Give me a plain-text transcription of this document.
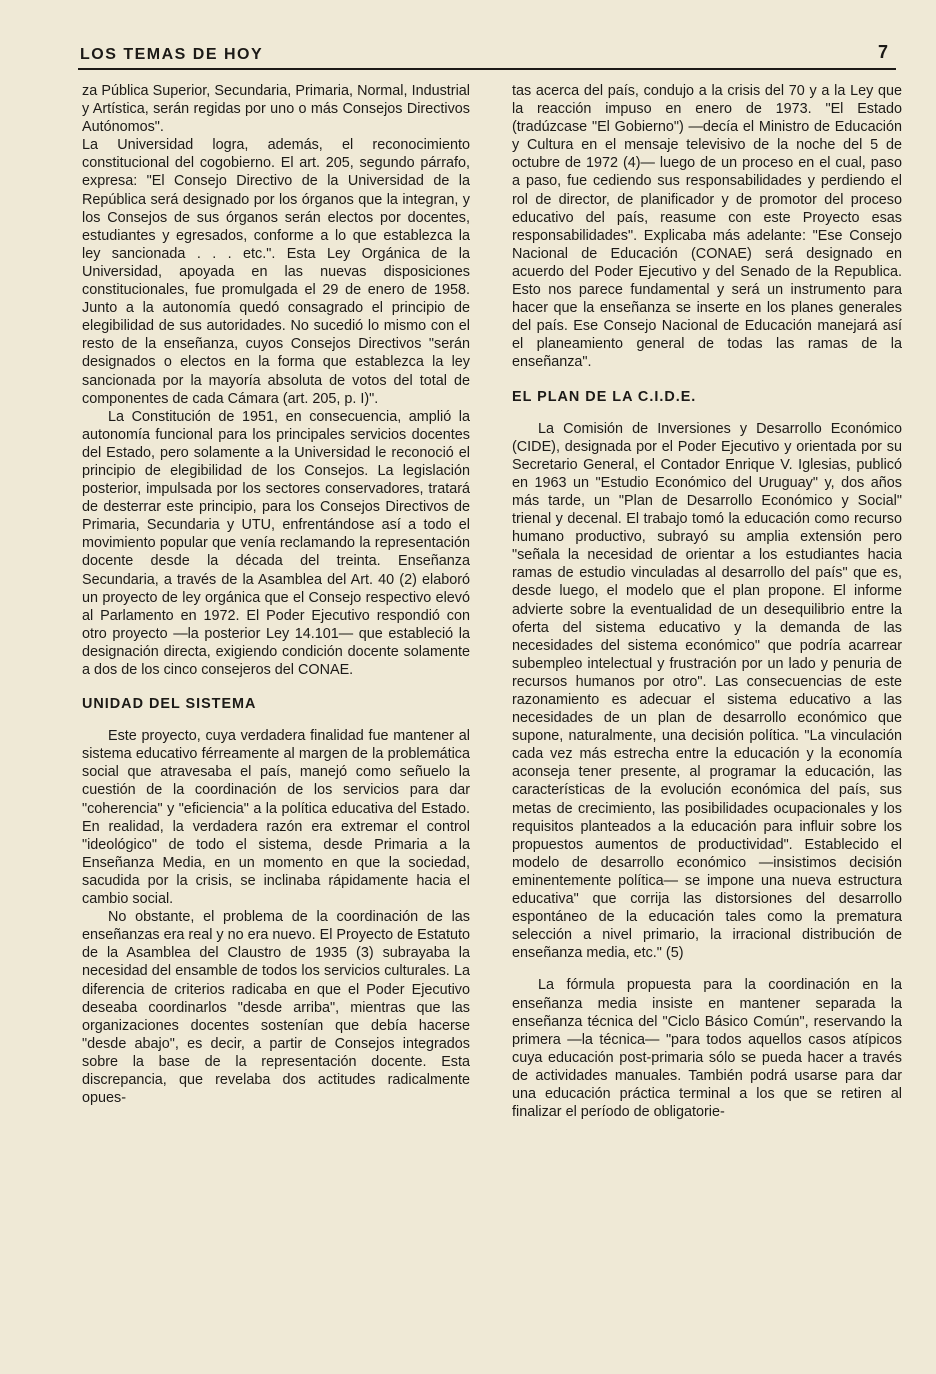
LOS TEMAS DE HOY	7

za Pública Superior, Secundaria, Primaria, Normal, Industrial y Artística, serán regidas por uno o más Consejos Directivos Autónomos".

La Universidad logra, además, el reconocimiento constitucional del cogobierno. El art. 205, segundo párrafo, expresa: "El Consejo Directivo de la Universidad de la República será designado por los órganos que la integran, y los Consejos de sus órganos serán electos por docentes, estudiantes y egresados, conforme a lo que establezca la ley sancionada . . . etc.". Esta Ley Orgánica de la Universidad, apoyada en las nuevas disposiciones constitucionales, fue promulgada el 29 de enero de 1958. Junto a la autonomía quedó consagrado el principio de elegibilidad de sus autoridades. No sucedió lo mismo con el resto de la enseñanza, cuyos Consejos Directivos "serán designados o electos en la forma que establezca la ley sancionada por la mayoría absoluta de votos del total de componentes de cada Cámara (art. 205, p. I)".

La Constitución de 1951, en consecuencia, amplió la autonomía funcional para los principales servicios docentes del Estado, pero solamente a la Universidad le reconoció el principio de elegibilidad de los Consejos. La legislación posterior, impulsada por los sectores conservadores, tratará de desterrar este principio, para los Consejos Directivos de Primaria, Secundaria y UTU, enfrentándose así a todo el movimiento popular que venía reclamando la representación docente desde la década del treinta. Enseñanza Secundaria, a través de la Asamblea del Art. 40 (2) elaboró un proyecto de ley orgánica que el Consejo respectivo elevó al Parlamento en 1972. El Poder Ejecutivo respondió con otro proyecto —la posterior Ley 14.101— que estableció la designación directa, exigiendo condición docente solamente a dos de los cinco consejeros del CONAE.

UNIDAD DEL SISTEMA

Este proyecto, cuya verdadera finalidad fue mantener al sistema educativo férreamente al margen de la problemática social que atravesaba el país, manejó como señuelo la cuestión de la coordinación de los servicios para dar "coherencia" y "eficiencia" a la política educativa del Estado. En realidad, la verdadera razón era extremar el control "ideológico" de todo el sistema, desde Primaria a la Enseñanza Media, en un momento en que la sociedad, sacudida por la crisis, se inclinaba rápidamente hacia el cambio social.

No obstante, el problema de la coordinación de las enseñanzas era real y no era nuevo. El Proyecto de Estatuto de la Asamblea del Claustro de 1935 (3) subrayaba la necesidad del ensamble de todos los servicios culturales. La diferencia de criterios radicaba en que el Poder Ejecutivo deseaba coordinarlos "desde arriba", mientras que las organizaciones docentes sostenían que debía hacerse "desde abajo", es decir, a partir de Consejos integrados sobre la base de la representación docente. Esta discrepancia, que revelaba dos actitudes radicalmente opues-

tas acerca del país, condujo a la crisis del 70 y a la Ley que la reacción impuso en enero de 1973. "El Estado (tradúzcase "El Gobierno") —decía el Ministro de Educación y Cultura en el mensaje televisivo de la noche del 5 de octubre de 1972 (4)— luego de un proceso en el cual, paso a paso, fue cediendo sus responsabilidades y perdiendo el rol de director, de planificador y de promotor del proceso educativo del país, reasume con este Proyecto esas responsabilidades". Explicaba más adelante: "Ese Consejo Nacional de Educación (CONAE) será designado en acuerdo del Poder Ejecutivo y del Senado de la Republica. Esto nos parece fundamental y será un instrumento para hacer que la enseñanza se inserte en los planes generales del país. Ese Consejo Nacional de Educación manejará así el planeamiento general de todas las ramas de la enseñanza".

EL PLAN DE LA C.I.D.E.

La Comisión de Inversiones y Desarrollo Económico (CIDE), designada por el Poder Ejecutivo y orientada por su Secretario General, el Contador Enrique V. Iglesias, publicó en 1963 un "Estudio Económico del Uruguay" y, dos años más tarde, un "Plan de Desarrollo Económico y Social" trienal y decenal. El trabajo tomó la educación como recurso humano productivo, subrayó su amplia extensión pero "señala la necesidad de orientar a los estudiantes hacia ramas de estudio vinculadas al desarrollo del país" que es, desde luego, el modelo que el plan propone. El informe advierte sobre la eventualidad de un desequilibrio entre la oferta del sistema educativo y la demanda de las necesidades del sistema económico" que podría acarrear subempleo intelectual y frustración por un lado y penuria de recursos humanos por otro". Las consecuencias de este razonamiento es adecuar el sistema educativo a las necesidades de un plan de desarrollo económico que supone, naturalmente, una decisión política. "La vinculación cada vez más estrecha entre la educación y la economía aconseja tener presente, al programar la educación, las características de la evolución económica del país, sus metas de crecimiento, las posibilidades ocupacionales y los requisitos planteados a la educación para influir sobre los propuestos aumentos de productividad". Establecido el modelo de desarrollo económico —insistimos decisión eminentemente política— se impone una nueva estructura educativa" que corrija las distorsiones del desarrollo espontáneo de la educación tales como la prematura selección a nivel primario, la irracional distribución de enseñanza media, etc." (5)

La fórmula propuesta para la coordinación en la enseñanza media insiste en mantener separada la enseñanza técnica del "Ciclo Básico Común", reservando la primera —la técnica— "para todos aquellos casos atípicos cuya educación post-primaria sólo se pueda hacer a través de actividades manuales. También podrá usarse para dar una educación práctica terminal a los que se retiren al finalizar el período de obligatorie-
